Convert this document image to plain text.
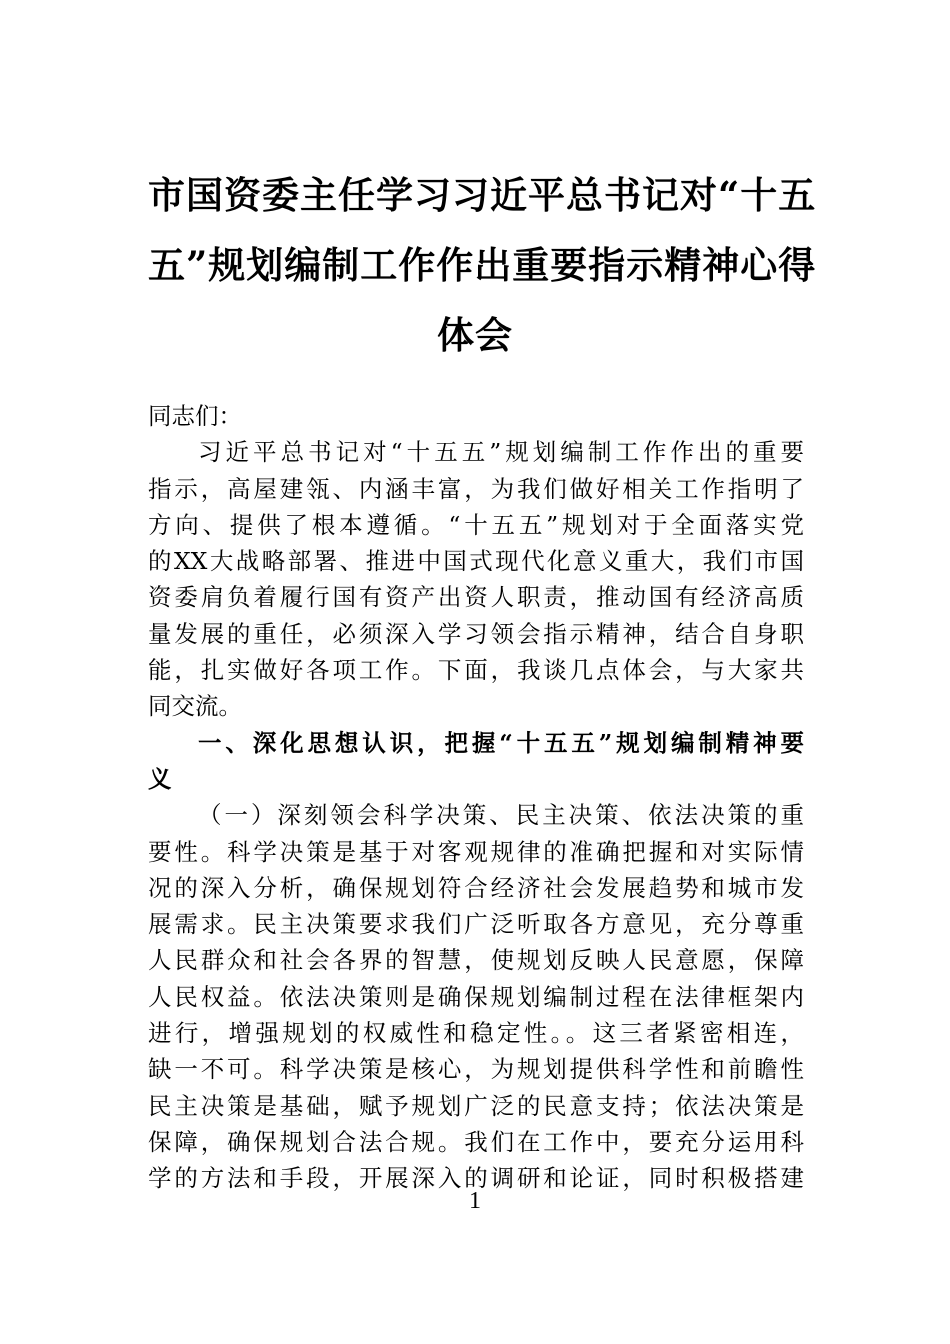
市国资委主任学习习近平总书记对“十五
五”规划编制工作作出重要指示精神心得
体会
同志们：
习近平总书记对“十五五”规划编制工作作出的重要
指示，高屋建瓴、内涵丰富，为我们做好相关工作指明了
方向、提供了根本遵循。“十五五”规划对于全面落实党
的XX大战略部署、推进中国式现代化意义重大，我们市国
资委肩负着履行国有资产出资人职责，推动国有经济高质
量发展的重任，必须深入学习领会指示精神，结合自身职
能，扎实做好各项工作。下面，我谈几点体会，与大家共
同交流。
一、深化思想认识，把握“十五五”规划编制精神要
义
（一）深刻领会科学决策、民主决策、依法决策的重
要性。科学决策是基于对客观规律的准确把握和对实际情
况的深入分析，确保规划符合经济社会发展趋势和城市发
展需求。民主决策要求我们广泛听取各方意见，充分尊重
人民群众和社会各界的智慧，使规划反映人民意愿，保障
人民权益。依法决策则是确保规划编制过程在法律框架内
进行，增强规划的权威性和稳定性。。这三者紧密相连，
缺一不可。科学决策是核心，为规划提供科学性和前瞻性
民主决策是基础，赋予规划广泛的民意支持；依法决策是
保障，确保规划合法合规。我们在工作中，要充分运用科
学的方法和手段，开展深入的调研和论证，同时积极搭建
1
